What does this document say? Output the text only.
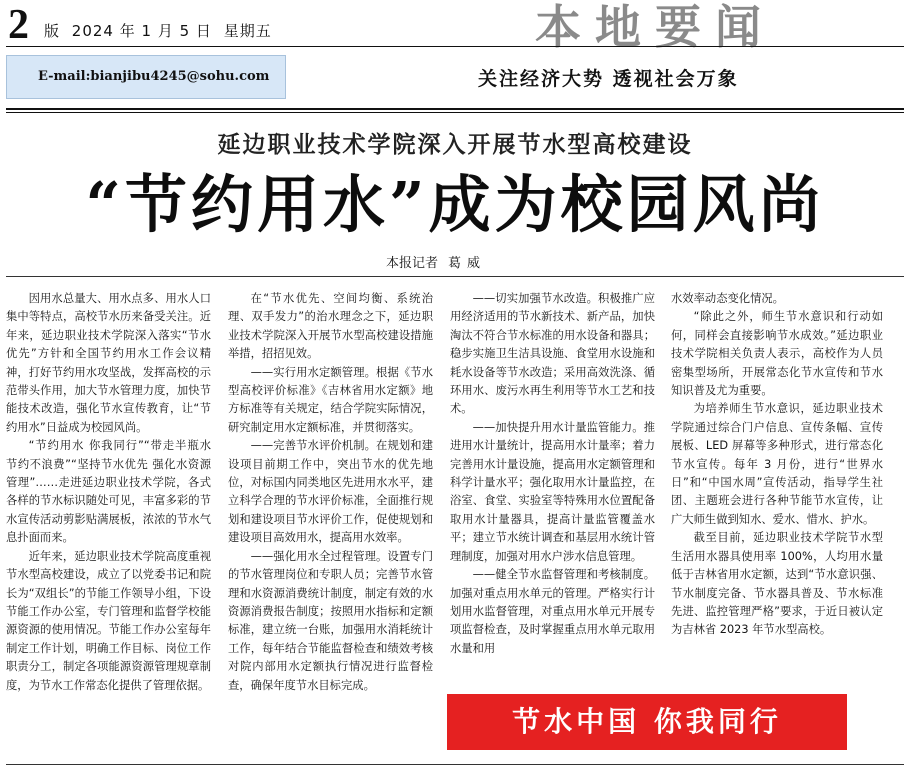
2 版 2024 年 1 月 5 日 星期五	本地要闻
E-mail:bianjibu4245@sohu.com	关注经济大势 透视社会万象
延边职业技术学院深入开展节水型高校建设
“节约用水”成为校园风尚
本报记者 葛威

因用水总量大、用水点多、用水人口集中等特点，高校节水历来备受关注。近年来，延边职业技术学院深入落实“节水优先”方针和全国节约用水工作会议精神，打好节约用水攻坚战，发挥高校的示范带头作用，加大节水管理力度，加快节能技术改造，强化节水宣传教育，让“节约用水”日益成为校园风尚。

“节约用水 你我同行”“带走半瓶水 节约不浪费”“坚持节水优先 强化水资源管理”……走进延边职业技术学院，各式各样的节水标识随处可见，丰富多彩的节水宣传活动剪影贴满展板，浓浓的节水气息扑面而来。

近年来，延边职业技术学院高度重视节水型高校建设，成立了以党委书记和院长为“双组长”的节能工作领导小组，下设节能工作办公室，专门管理和监督学校能源资源的使用情况。节能工作办公室每年制定工作计划，明确工作目标、岗位工作职责分工，制定各项能源资源管理规章制度，为节水工作常态化提供了管理依据。

在“节水优先、空间均衡、系统治理、双手发力”的治水理念之下，延边职业技术学院深入开展节水型高校建设措施举措，招招见效。

——实行用水定额管理。根据《节水型高校评价标准》《吉林省用水定额》地方标准等有关规定，结合学院实际情况，研究制定用水定额标准，并贯彻落实。

——完善节水评价机制。在规划和建设项目前期工作中，突出节水的优先地位，对标国内同类地区先进用水水平，建立科学合理的节水评价标准，全面推行规划和建设项目节水评价工作，促使规划和建设项目高效用水，提高用水效率。

——强化用水全过程管理。设置专门的节水管理岗位和专职人员；完善节水管理和水资源消费统计制度，制定有效的水资源消费报告制度；按照用水指标和定额标准，建立统一台账，加强用水消耗统计工作，每年结合节能监督检查和绩效考核对院内部用水定额执行情况进行监督检查，确保年度节水目标完成。

——切实加强节水改造。积极推广应用经济适用的节水新技术、新产品，加快淘汰不符合节水标准的用水设备和器具；稳步实施卫生洁具设施、食堂用水设施和耗水设备等节水改造；采用高效洗涤、循环用水、废污水再生利用等节水工艺和技术。

——加快提升用水计量监管能力。推进用水计量统计，提高用水计量率；着力完善用水计量设施，提高用水定额管理和科学计量水平；强化取用水计量监控，在浴室、食堂、实验室等特殊用水位置配备取用水计量器具，提高计量监管覆盖水平；建立节水统计调查和基层用水统计管理制度，加强对用水户涉水信息管理。

——健全节水监督管理和考核制度。加强对重点用水单元的管理。严格实行计划用水监督管理，对重点用水单元开展专项监督检查，及时掌握重点用水单元取用水量和用

水效率动态变化情况。

“除此之外，师生节水意识和行动如何，同样会直接影响节水成效。”延边职业技术学院相关负责人表示，高校作为人员密集型场所，开展常态化节水宣传和节水知识普及尤为重要。

为培养师生节水意识，延边职业技术学院通过综合门户信息、宣传条幅、宣传展板、LED 屏幕等多种形式，进行常态化节水宣传。每年 3 月份，进行“世界水日”和“中国水周”宣传活动，指导学生社团、主题班会进行各种节能节水宣传，让广大师生做到知水、爱水、惜水、护水。

截至目前，延边职业技术学院节水型生活用水器具使用率 100%，人均用水量低于吉林省用水定额，达到“节水意识强、节水制度完备、节水器具普及、节水标准先进、监控管理严格”要求，于近日被认定为吉林省 2023 年节水型高校。

节水中国 你我同行
